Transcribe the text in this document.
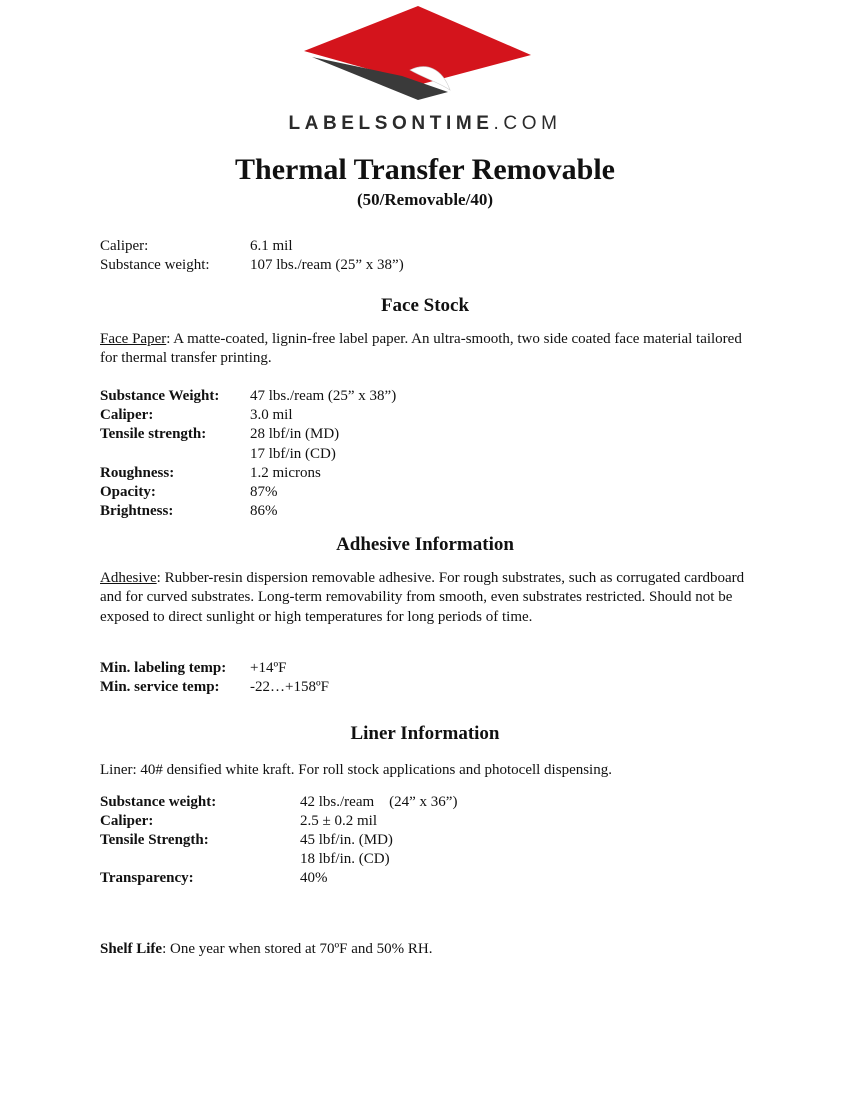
LABELSONTIME.COM
Thermal Transfer Removable
(50/Removable/40)
Caliper:	6.1 mil
Substance weight:	107 lbs./ream (25” x 38”)
Face Stock

Face Paper: A matte-coated, lignin-free label paper. An ultra-smooth, two side coated face material tailored for thermal transfer printing.

Substance Weight: 47 lbs./ream (25” x 38”)
Caliper:	3.0 mil
Tensile strength:	28 lbf/in (MD)
17 lbf/in (CD)
Roughness:	1.2 microns
Opacity:	87%
Brightness:	86%
Adhesive Information

Adhesive: Rubber-resin dispersion removable adhesive. For rough substrates, such as corrugated cardboard and for curved substrates. Long-term removability from smooth, even substrates restricted. Should not be exposed to direct sunlight or high temperatures for long periods of time.

Min. labeling temp: +14ºF
Min. service temp: -22…+158ºF
Liner Information

Liner: 40# densified white kraft. For roll stock applications and photocell dispensing.

Substance weight:	42 lbs./ream    (24” x 36”)
Caliper:	2.5 ± 0.2 mil
Tensile Strength:	45 lbf/in. (MD)
18 lbf/in. (CD)
Transparency:	40%

Shelf Life: One year when stored at 70ºF and 50% RH.
